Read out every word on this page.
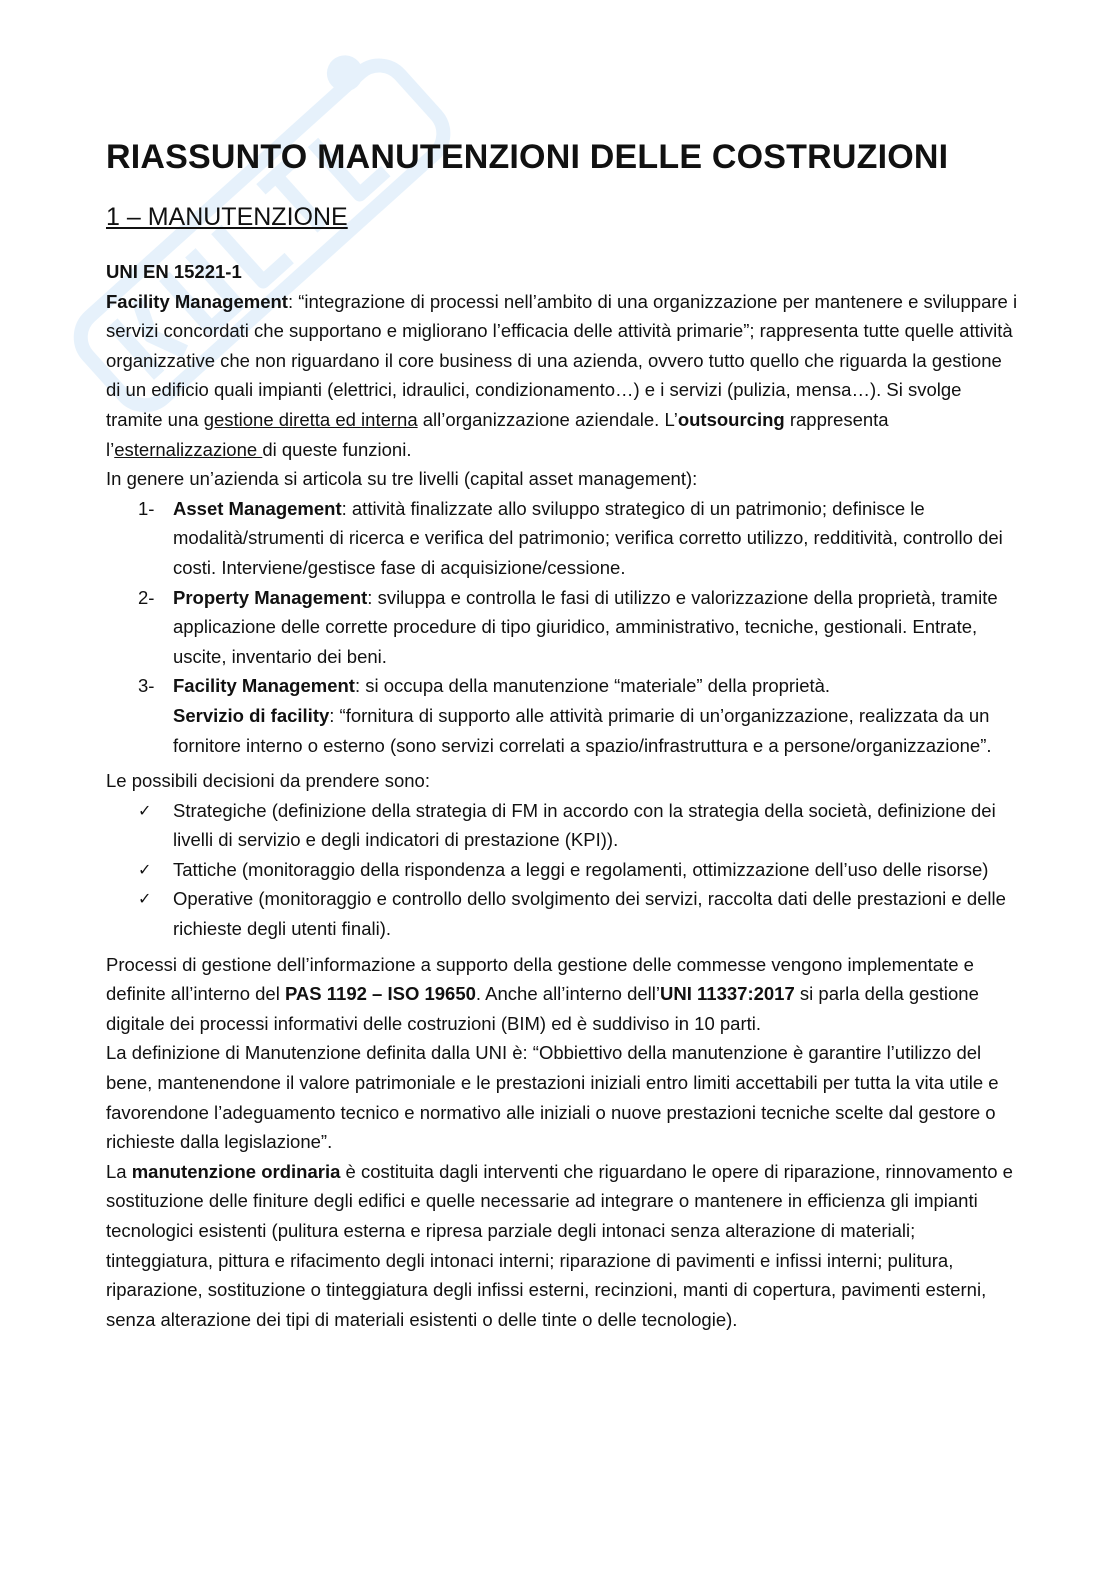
RIASSUNTO MANUTENZIONI DELLE COSTRUZIONI
1 – MANUTENZIONE

UNI EN 15221-1

Facility Management: “integrazione di processi nell’ambito di una organizzazione per mantenere e sviluppare i servizi concordati che supportano e migliorano l’efficacia delle attività primarie”; rappresenta tutte quelle attività organizzative che non riguardano il core business di una azienda, ovvero tutto quello che riguarda la gestione di un edificio quali impianti (elettrici, idraulici, condizionamento…) e i servizi (pulizia, mensa…). Si svolge tramite una gestione diretta ed interna all’organizzazione aziendale. L’outsourcing rappresenta l’esternalizzazione di queste funzioni.

In genere un’azienda si articola su tre livelli (capital asset management):

1- Asset Management: attività finalizzate allo sviluppo strategico di un patrimonio; definisce le modalità/strumenti di ricerca e verifica del patrimonio; verifica corretto utilizzo, redditività, controllo dei costi. Interviene/gestisce fase di acquisizione/cessione.
2- Property Management: sviluppa e controlla le fasi di utilizzo e valorizzazione della proprietà, tramite applicazione delle corrette procedure di tipo giuridico, amministrativo, tecniche, gestionali. Entrate, uscite, inventario dei beni.
3- Facility Management: si occupa della manutenzione “materiale” della proprietà.
Servizio di facility: “fornitura di supporto alle attività primarie di un’organizzazione, realizzata da un fornitore interno o esterno (sono servizi correlati a spazio/infrastruttura e a persone/organizzazione”.

Le possibili decisioni da prendere sono:

✓ Strategiche (definizione della strategia di FM in accordo con la strategia della società, definizione dei livelli di servizio e degli indicatori di prestazione (KPI)).
✓ Tattiche (monitoraggio della rispondenza a leggi e regolamenti, ottimizzazione dell’uso delle risorse)
✓ Operative (monitoraggio e controllo dello svolgimento dei servizi, raccolta dati delle prestazioni e delle richieste degli utenti finali).

Processi di gestione dell’informazione a supporto della gestione delle commesse vengono implementate e definite all’interno del PAS 1192 – ISO 19650. Anche all’interno dell’UNI 11337:2017 si parla della gestione digitale dei processi informativi delle costruzioni (BIM) ed è suddiviso in 10 parti.

La definizione di Manutenzione definita dalla UNI è: “Obbiettivo della manutenzione è garantire l’utilizzo del bene, mantenendone il valore patrimoniale e le prestazioni iniziali entro limiti accettabili per tutta la vita utile e favorendone l’adeguamento tecnico e normativo alle iniziali o nuove prestazioni tecniche scelte dal gestore o richieste dalla legislazione”.

La manutenzione ordinaria è costituita dagli interventi che riguardano le opere di riparazione, rinnovamento e sostituzione delle finiture degli edifici e quelle necessarie ad integrare o mantenere in efficienza gli impianti tecnologici esistenti (pulitura esterna e ripresa parziale degli intonaci senza alterazione di materiali; tinteggiatura, pittura e rifacimento degli intonaci interni; riparazione di pavimenti e infissi interni; pulitura, riparazione, sostituzione o tinteggiatura degli infissi esterni, recinzioni, manti di copertura, pavimenti esterni, senza alterazione dei tipi di materiali esistenti o delle tinte o delle tecnologie).
